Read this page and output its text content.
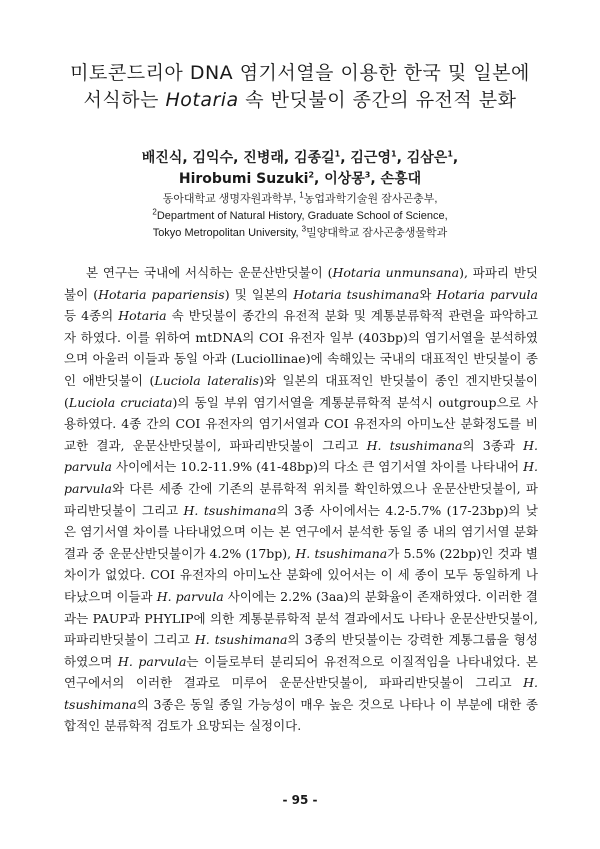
미토콘드리아 DNA 염기서열을 이용한 한국 및 일본에
서식하는 Hotaria 속 반딧불이 종간의 유전적 분화
배진식, 김익수, 진병래, 김종길$^1$, 김근영$^1$, 김삼은$^1$,
Hirobumi Suzuki$^2$, 이상몽$^3$, 손흥대
동아대학교 생명자원과학부, $^1$농업과학기술원 잠사곤충부,
$^2$Department of Natural History, Graduate School of Science,
Tokyo Metropolitan University, $^3$밀양대학교 잠사곤충생물학과

본 연구는 국내에 서식하는 운문산반딧불이 (Hotaria unmunsana), 파파리 반딧불이 (Hotaria papariensis) 및 일본의 Hotaria tsushimana와 Hotaria parvula 등 4종의 Hotaria 속 반딧불이 종간의 유전적 분화 및 계통분류학적 관련을 파악하고자 하였다. 이를 위하여 mtDNA의 COI 유전자 일부 (403bp)의 염기서열을 분석하였으며 아울러 이들과 동일 아과 (Luciollinae)에 속해있는 국내의 대표적인 반딧불이 종인 애반딧불이 (Luciola lateralis)와 일본의 대표적인 반딧불이 종인 겐지반딧불이 (Luciola cruciata)의 동일 부위 염기서열을 계통분류학적 분석시 outgroup으로 사용하였다. 4종 간의 COI 유전자의 염기서열과 COI 유전자의 아미노산 분화정도를 비교한 결과, 운문산반딧불이, 파파리반딧불이 그리고 H. tsushimana의 3종과 H. parvula 사이에서는 10.2-11.9% (41-48bp)의 다소 큰 염기서열 차이를 나타내어 H. parvula와 다른 세종 간에 기존의 분류학적 위치를 확인하였으나 운문산반딧불이, 파파리반딧불이 그리고 H. tsushimana의 3종 사이에서는 4.2-5.7% (17-23bp)의 낮은 염기서열 차이를 나타내었으며 이는 본 연구에서 분석한 동일 종 내의 염기서열 분화 결과 중 운문산반딧불이가 4.2% (17bp), H. tsushimana가 5.5% (22bp)인 것과 별 차이가 없었다. COI 유전자의 아미노산 분화에 있어서는 이 세 종이 모두 동일하게 나타났으며 이들과 H. parvula 사이에는 2.2% (3aa)의 분화율이 존재하였다. 이러한 결과는 PAUP과 PHYLIP에 의한 계통분류학적 분석 결과에서도 나타나 운문산반딧불이, 파파리반딧불이 그리고 H. tsushimana의 3종의 반딧불이는 강력한 계통그룹을 형성하였으며 H. parvula는 이들로부터 분리되어 유전적으로 이질적임을 나타내었다. 본 연구에서의 이러한 결과로 미루어 운문산반딧불이, 파파리반딧불이 그리고 H. tsushimana의 3종은 동일 종일 가능성이 매우 높은 것으로 나타나 이 부분에 대한 종합적인 분류학적 검토가 요망되는 실정이다.

- 95 -
